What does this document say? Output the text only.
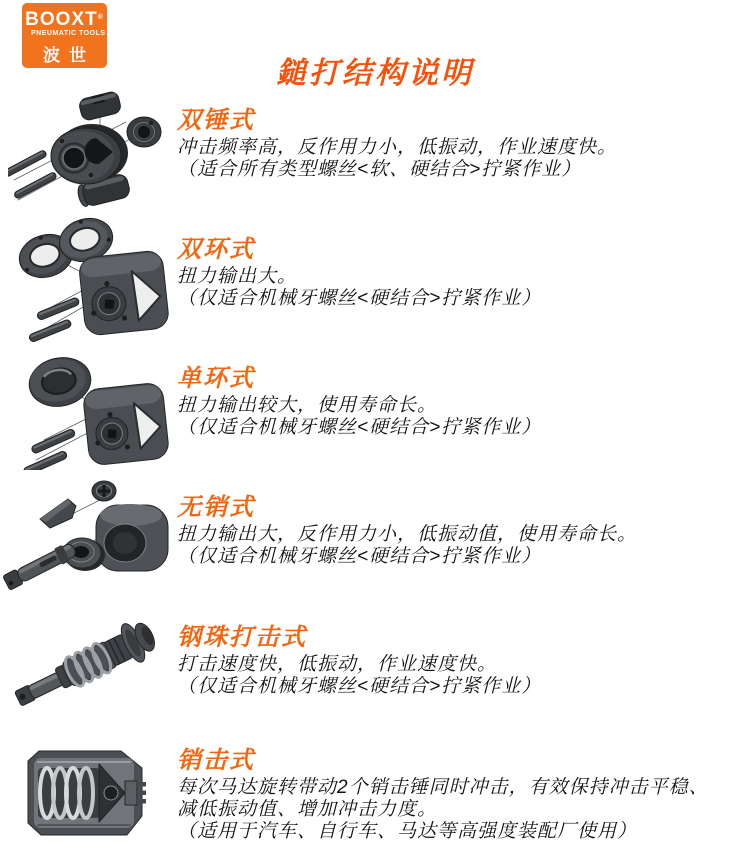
BOOXT®
PNEUMATIC TOOLS
波世特	鎚打结构说明
双锤式

冲击频率高，反作用力小，低振动，作业速度快。

（适合所有类型螺丝<软、硬结合>拧紧作业）

双环式

扭力输出大。

（仅适合机械牙螺丝<硬结合>拧紧作业）

单环式

扭力输出较大，使用寿命长。

（仅适合机械牙螺丝<硬结合>拧紧作业）

无销式

扭力输出大，反作用力小，低振动值，使用寿命长。

（仅适合机械牙螺丝<硬结合>拧紧作业）

钢珠打击式

打击速度快，低振动，作业速度快。

（仅适合机械牙螺丝<硬结合>拧紧作业）

销击式

每次马达旋转带动2个销击锤同时冲击，有效保持冲击平稳、

减低振动值、增加冲击力度。

（适用于汽车、自行车、马达等高强度装配厂使用）
